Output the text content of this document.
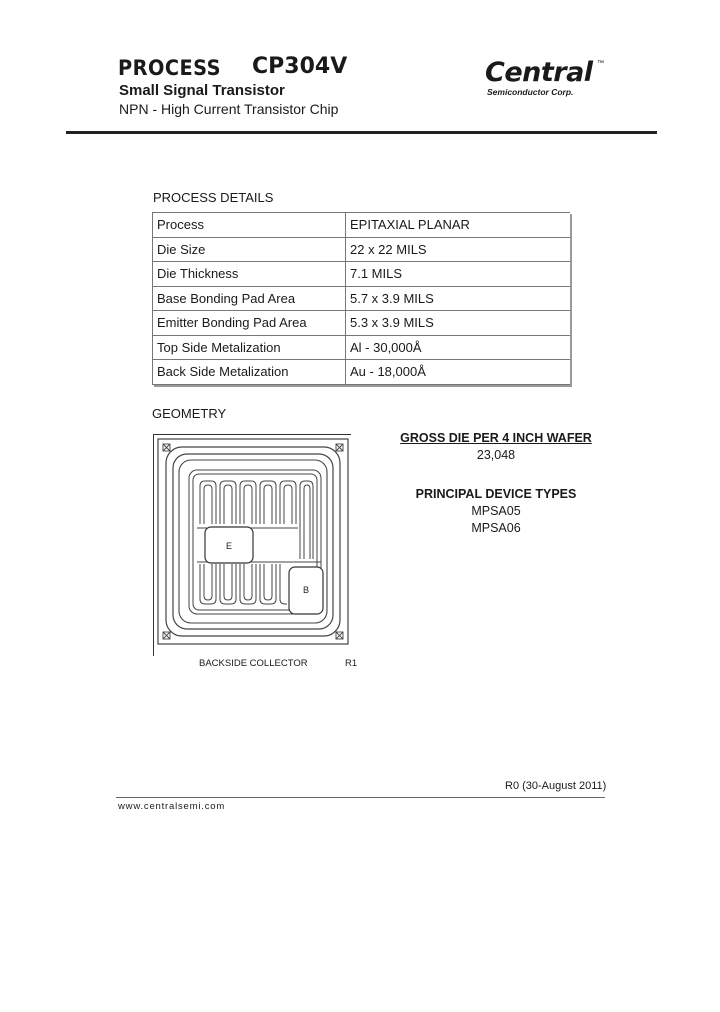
PROCESS CP304V
Small Signal Transistor
NPN - High Current Transistor Chip
Central ™
Semiconductor Corp.
PROCESS DETAILS
Process	EPITAXIAL PLANAR
Die Size	22 x 22 MILS
Die Thickness	7.1 MILS
Base Bonding Pad Area	5.7 x 3.9 MILS
Emitter Bonding Pad Area	5.3 x 3.9 MILS
Top Side Metalization	Al - 30,000Å
Back Side Metalization	Au - 18,000Å
GEOMETRY
E
B
BACKSIDE COLLECTOR	R1
GROSS DIE PER 4 INCH WAFER
23,048
PRINCIPAL DEVICE TYPES
MPSA05
MPSA06
R0 (30-August 2011)
www.centralsemi.com
